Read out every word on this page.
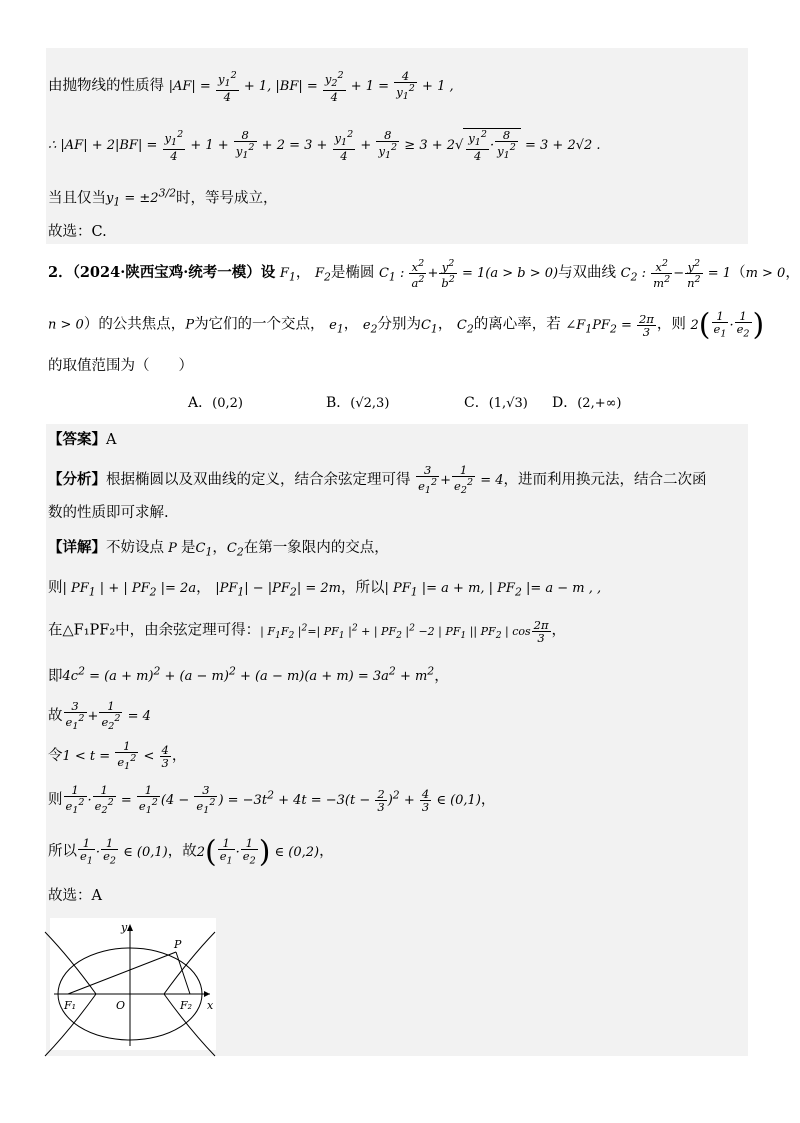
由抛物线的性质得 $|AF| = \frac{y_1^2}{4} + 1$, $|BF| = \frac{y_2^2}{4} + 1 = \frac{4}{y_1^2} + 1$ ,
∴ $|AF| + 2|BF| = \frac{y_1^2}{4} + 1 + \frac{8}{y_1^2} + 2 = 3 + \frac{y_1^2}{4} + \frac{8}{y_1^2} \ge 3 + 2√ \frac{y_1^2}{4} \cdot \frac{8}{y_1^2} = 3 + 2√2$ .
当且仅当$y_1 = \pm 2^{3/2}$时，等号成立，
故选：C.
2．（2024·陕西宝鸡·统考一模）设 $F_1$， $F_2$是椭圆 $C_1$ : $\frac{x^2}{a^2} + \frac{y^2}{b^2} = 1(a > b > 0)$与双曲线 $C_2$ : $\frac{x^2}{m^2} - \frac{y^2}{n^2} = 1(m > 0$，
n > 0）的公共焦点，P为它们的一个交点， $e_1$， $e_2$分别为$C_1$， $C_2$的离心率，若 $\angle F_1PF_2 = \frac{2\pi}{3}$ ，则 $2( \frac{1}{e_1} \cdot \frac{1}{e_2}$ )
的取值范围为（　　）
A．(0,2)	B．(√2,3)	C．(1,√3) D．(2,+∞)
【答案】A
【分析】根据椭圆以及双曲线的定义，结合余弦定理可得 $\frac{3}{e_1^2} + \frac{1}{e_2^2} = 4$，进而利用换元法，结合二次函
数的性质即可求解.
【详解】不妨设点 P 是$C_1$，$C_2$在第一象限内的交点，
则| $PF_1$ | + | $PF_2$ |= 2a， $|PF_1| - |PF_2| = 2m$，所以| $PF_1$ |= a + m, | $PF_2$ |= a − m , ,
在△F₁PF₂中，由余弦定理可得：| $F_1F_2$ $|^2=|$ $PF_1$ $|^2$ + | $PF_2$ $|^2 -2$ | $PF_1$ || $PF_2$ | $\cos \frac{2\pi}{3}$ ，
即$4c^2 = (a + m)^2 + (a - m)^2 + (a - m)(a + m) = 3a^2 + m^2$，
故 $\frac{3}{e_1^2} + \frac{1}{e_2^2} = 4$
令$1 < t = \frac{1}{e_1^2} < \frac{4}{3}$ ，
则 $\frac{1}{e_1^2} \cdot \frac{1}{e_2^2} = \frac{1}{e_1^2} (4 - \frac{3}{e_1^2}$ ) = $-3t^2 + 4t = -3(t - \frac{2}{3} )^2 + \frac{4}{3}$ ∈ (0,1)，
所以 $\frac{1}{e_1} \cdot \frac{1}{e_2}$ ∈ (0,1)，故$2( \frac{1}{e_1} \cdot \frac{1}{e_2}$ ) ∈ (0,2)，
故选：A
y
x
P
O
F₁	F₂
